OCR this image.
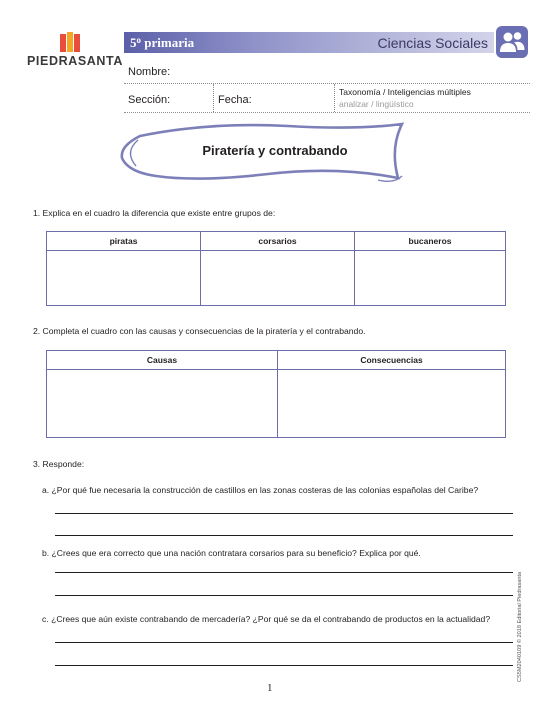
PIEDRASANTA
5$^o$ primaria	Ciencias Sociales
Nombre:
Sección:	Fecha:
Taxonomía / Inteligencias múltiples
analizar / lingüístico
Piratería y contrabando
1. Explica en el cuadro la diferencia que existe entre grupos de:
piratas	corsarios	bucaneros

2. Completa el cuadro con las causas y consecuencias de la piratería y el contrabando.
Causas	Consecuencias

3. Responde:
a. ¿Por qué fue necesaria la construcción de castillos en las zonas costeras de las colonias españolas del Caribe?
b. ¿Crees que era correcto que una nación contratara corsarios para su beneficio? Explica por qué.
c. ¿Crees que aún existe contrabando de mercadería? ¿Por qué se da el contrabando de productos en la actualidad?	CS5M2040109 © 2018 Editorial Piedrasanta
1
